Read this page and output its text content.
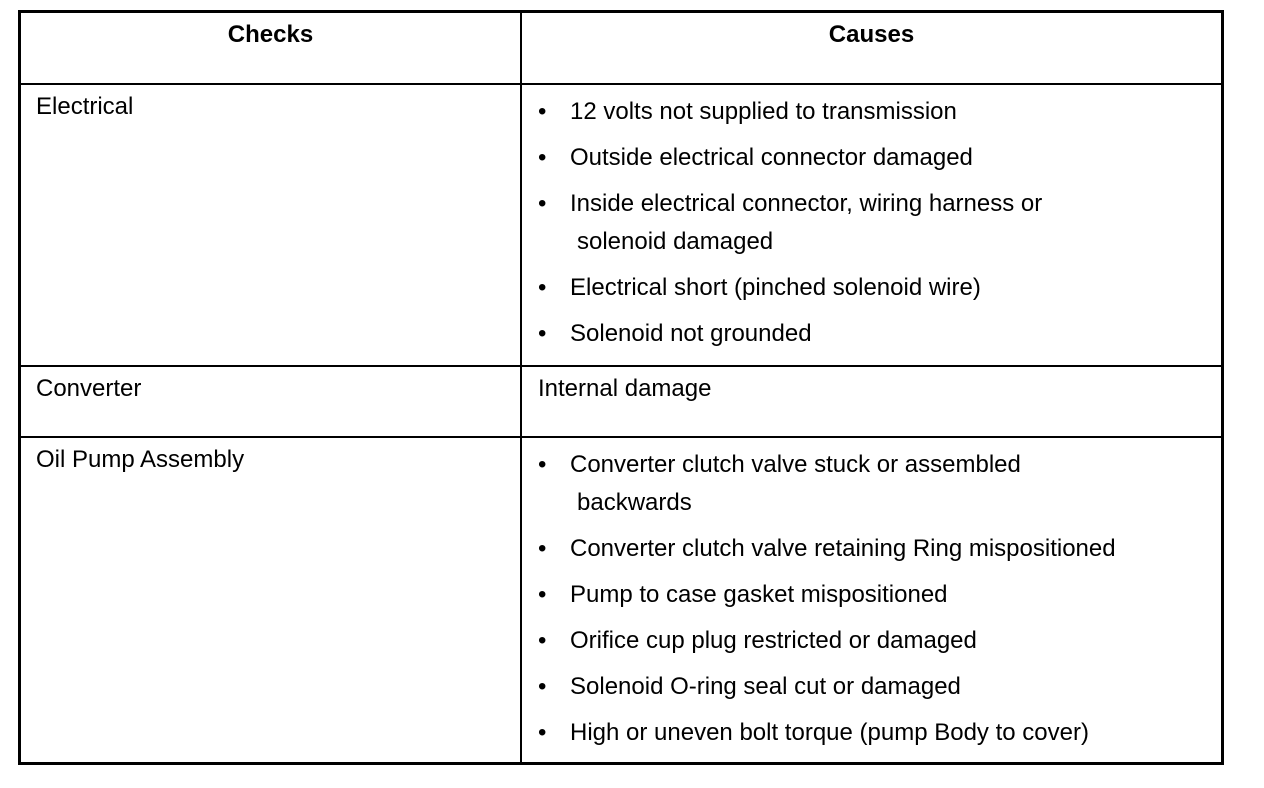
Checks	Causes
Electrical	• 12 volts not supplied to transmission
• Outside electrical connector damaged
• Inside electrical connector, wiring harness or
solenoid damaged
• Electrical short (pinched solenoid wire)
• Solenoid not grounded
Converter	Internal damage
Oil Pump Assembly	• Converter clutch valve stuck or assembled
backwards
• Converter clutch valve retaining Ring mispositioned
• Pump to case gasket mispositioned
• Orifice cup plug restricted or damaged
• Solenoid O-ring seal cut or damaged
• High or uneven bolt torque (pump Body to cover)
